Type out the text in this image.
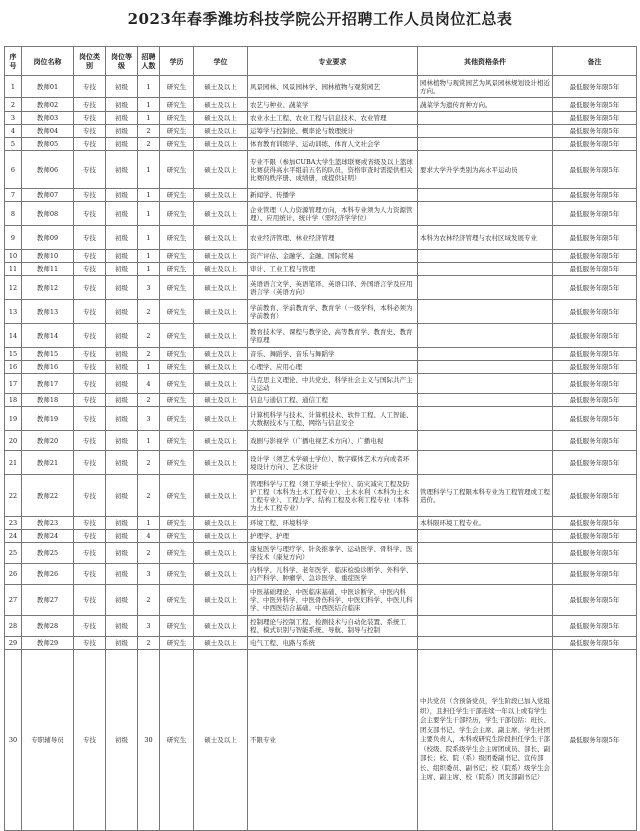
2023年春季潍坊科技学院公开招聘工作人员岗位汇总表
序号	岗位名称	岗位类别	岗位等级	招聘人数	学历	学位	专业要求	其他资格条件	备注
1	教师01	专技	初级	1	研究生	硕士及以上	风景园林、风景园林学、园林植物与观赏园艺	园林植物与观赏园艺为风景园林规划设计相近方向。	最低服务年限5年
2	教师02	专技	初级	1	研究生	硕士及以上	农艺与种业、蔬菜学	蔬菜学为遗传育种方向。	最低服务年限5年
3	教师03	专技	初级	1	研究生	硕士及以上	农业水土工程、农业工程与信息技术、农业管理		最低服务年限5年
4	教师04	专技	初级	2	研究生	硕士及以上	运筹学与控制论、概率论与数理统计		最低服务年限5年
5	教师05	专技	初级	2	研究生	硕士及以上	体育教育训练学、运动训练、体育人文社会学		最低服务年限5年
6	教师06	专技	初级	1	研究生	硕士及以上	专业不限（参加CUBA大学生篮球联赛或省级及以上篮球比赛获得高水平组前五名的队员，资格审查时需提供相关比赛的秩序册、成绩册，或提供证明）	要求大学升学类别为高水平运动员	最低服务年限5年
7	教师07	专技	初级	1	研究生	硕士及以上	新闻学、传播学		最低服务年限5年
8	教师08	专技	初级	1	研究生	硕士及以上	企业管理（人力资源管理方向，本科专业须为人力资源管理）、应用统计、统计学（需经济学学位）		最低服务年限5年
9	教师09	专技	初级	1	研究生	硕士及以上	农业经济管理、林业经济管理	本科为农林经济管理与农村区域发展专业	最低服务年限5年
10	教师10	专技	初级	1	研究生	硕士及以上	资产评估、金融学、金融、国际贸易		最低服务年限5年
11	教师11	专技	初级	1	研究生	硕士及以上	审计、工业工程与管理		最低服务年限5年
12	教师12	专技	初级	3	研究生	硕士及以上	英语语言文学、英语笔译、英语口译、外国语言学及应用语言学（英语方向）		最低服务年限5年
13	教师13	专技	初级	2	研究生	硕士及以上	学前教育、学前教育学、教育学（一级学科，本科必须为学前教育）		最低服务年限5年
14	教师14	专技	初级	2	研究生	硕士及以上	教育技术学、课程与教学论、高等教育学、教育史、教育学原理		最低服务年限5年
15	教师15	专技	初级	2	研究生	硕士及以上	音乐、舞蹈学、音乐与舞蹈学		最低服务年限5年
16	教师16	专技	初级	1	研究生	硕士及以上	心理学、应用心理		最低服务年限5年
17	教师17	专技	初级	4	研究生	硕士及以上	马克思主义理论、中共党史、科学社会主义与国际共产主义运动		最低服务年限5年
18	教师18	专技	初级	2	研究生	硕士及以上	信息与通信工程、通信工程		最低服务年限5年
19	教师19	专技	初级	3	研究生	硕士及以上	计算机科学与技术、计算机技术、软件工程、人工智能、大数据技术与工程、网络与信息安全		最低服务年限5年
20	教师20	专技	初级	1	研究生	硕士及以上	戏剧与影视学（广播电视艺术方向）、广播电视		最低服务年限5年
21	教师21	专技	初级	2	研究生	硕士及以上	设计学（须艺术学硕士学位）、数字媒体艺术方向或者环境设计方向）、艺术设计		最低服务年限5年
22	教师22	专技	初级	2	研究生	硕士及以上	管理科学与工程（须工学硕士学位）、防灾减灾工程及防护工程（本科为土木工程专业）、土木水利（本科为土木工程专业）、工程力学、结构工程及水利工程专业（本科为土木工程专业）	管理科学与工程限本科专业为工程管理或工程造价。	最低服务年限5年
23	教师23	专技	初级	1	研究生	硕士及以上	环境工程、环境科学	本科限环境工程专业。	最低服务年限5年
24	教师24	专技	初级	4	研究生	硕士及以上	护理学、护理		最低服务年限5年
25	教师25	专技	初级	2	研究生	硕士及以上	康复医学与理疗学、针灸推拿学、运动医学、骨科学、医学技术（康复方向）		最低服务年限5年
26	教师26	专技	初级	3	研究生	硕士及以上	内科学、儿科学、老年医学、临床检验诊断学、外科学、妇产科学、肿瘤学、急诊医学、重症医学		最低服务年限5年
27	教师27	专技	初级	2	研究生	硕士及以上	中医基础理论、中医临床基础、中医诊断学、中医内科学、中医外科学、中医骨伤科学、中医妇科学、中医儿科学、中西医结合基础、中西医结合临床		最低服务年限5年
28	教师28	专技	初级	3	研究生	硕士及以上	控制理论与控制工程、检测技术与自动化装置、系统工程、模式识别与智能系统、导航、制导与控制		最低服务年限5年
29	教师29	专技	初级	2	研究生	硕士及以上	电气工程、电路与系统		最低服务年限5年
30	专职辅导员	专技	初级	30	研究生	硕士及以上	不限专业	中共党员（含预备党员，学生阶段已加入党组织），且担任学生干部连续一年以上或有学生会主要学生干部经历，学生干部包括：班长、团支部书记、学生会主席、副主席、学生社团主要负责人，本科或研究生阶段担任学生干部（校级、院系级学生会主席团成员、部长、副部长；校、院（系）级团委副书记、宣传部长、组织委员、副书记；校（院系）级学生会主席、副主席、校（院系）团支部副书记）	最低服务年限5年
